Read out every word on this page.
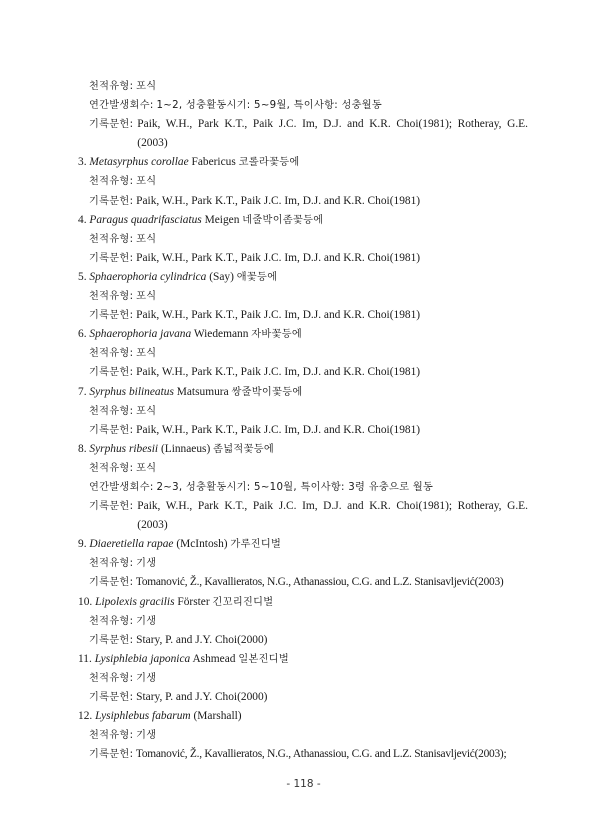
천적유형: 포식
연간발생회수: 1~2, 성충활동시기: 5~9월, 특이사항: 성충월동
기록문헌: Paik, W.H., Park K.T., Paik J.C. Im, D.J. and K.R. Choi(1981); Rotheray, G.E.(2003)
3. Metasyrphus corollae Fabericus 코롤라꽃등에
천적유형: 포식
기록문헌: Paik, W.H., Park K.T., Paik J.C. Im, D.J. and K.R. Choi(1981)
4. Paragus quadrifasciatus Meigen 네줄박이좀꽃등에
천적유형: 포식
기록문헌: Paik, W.H., Park K.T., Paik J.C. Im, D.J. and K.R. Choi(1981)
5. Sphaerophoria cylindrica (Say) 애꽃등에
천적유형: 포식
기록문헌: Paik, W.H., Park K.T., Paik J.C. Im, D.J. and K.R. Choi(1981)
6. Sphaerophoria javana Wiedemann 자바꽃등에
천적유형: 포식
기록문헌: Paik, W.H., Park K.T., Paik J.C. Im, D.J. and K.R. Choi(1981)
7. Syrphus bilineatus Matsumura 쌍줄박이꽃등에
천적유형: 포식
기록문헌: Paik, W.H., Park K.T., Paik J.C. Im, D.J. and K.R. Choi(1981)
8. Syrphus ribesii (Linnaeus) 좀넓적꽃등에
천적유형: 포식
연간발생회수: 2~3, 성충활동시기: 5~10월, 특이사항: 3령 유충으로 월동
기록문헌: Paik, W.H., Park K.T., Paik J.C. Im, D.J. and K.R. Choi(1981); Rotheray, G.E.(2003)
9. Diaeretiella rapae (McIntosh) 가루진디벌
천적유형: 기생
기록문헌: Tomanović, Ž., Kavallieratos, N.G., Athanassiou, C.G. and L.Z. Stanisavljević(2003)
10. Lipolexis gracilis Förster 긴꼬리진디벌
천적유형: 기생
기록문헌: Stary, P. and J.Y. Choi(2000)
11. Lysiphlebia japonica Ashmead 일본진디벌
천적유형: 기생
기록문헌: Stary, P. and J.Y. Choi(2000)
12. Lysiphlebus fabarum (Marshall)
천적유형: 기생
기록문헌: Tomanović, Ž., Kavallieratos, N.G., Athanassiou, C.G. and L.Z. Stanisavljević(2003);
- 118 -
